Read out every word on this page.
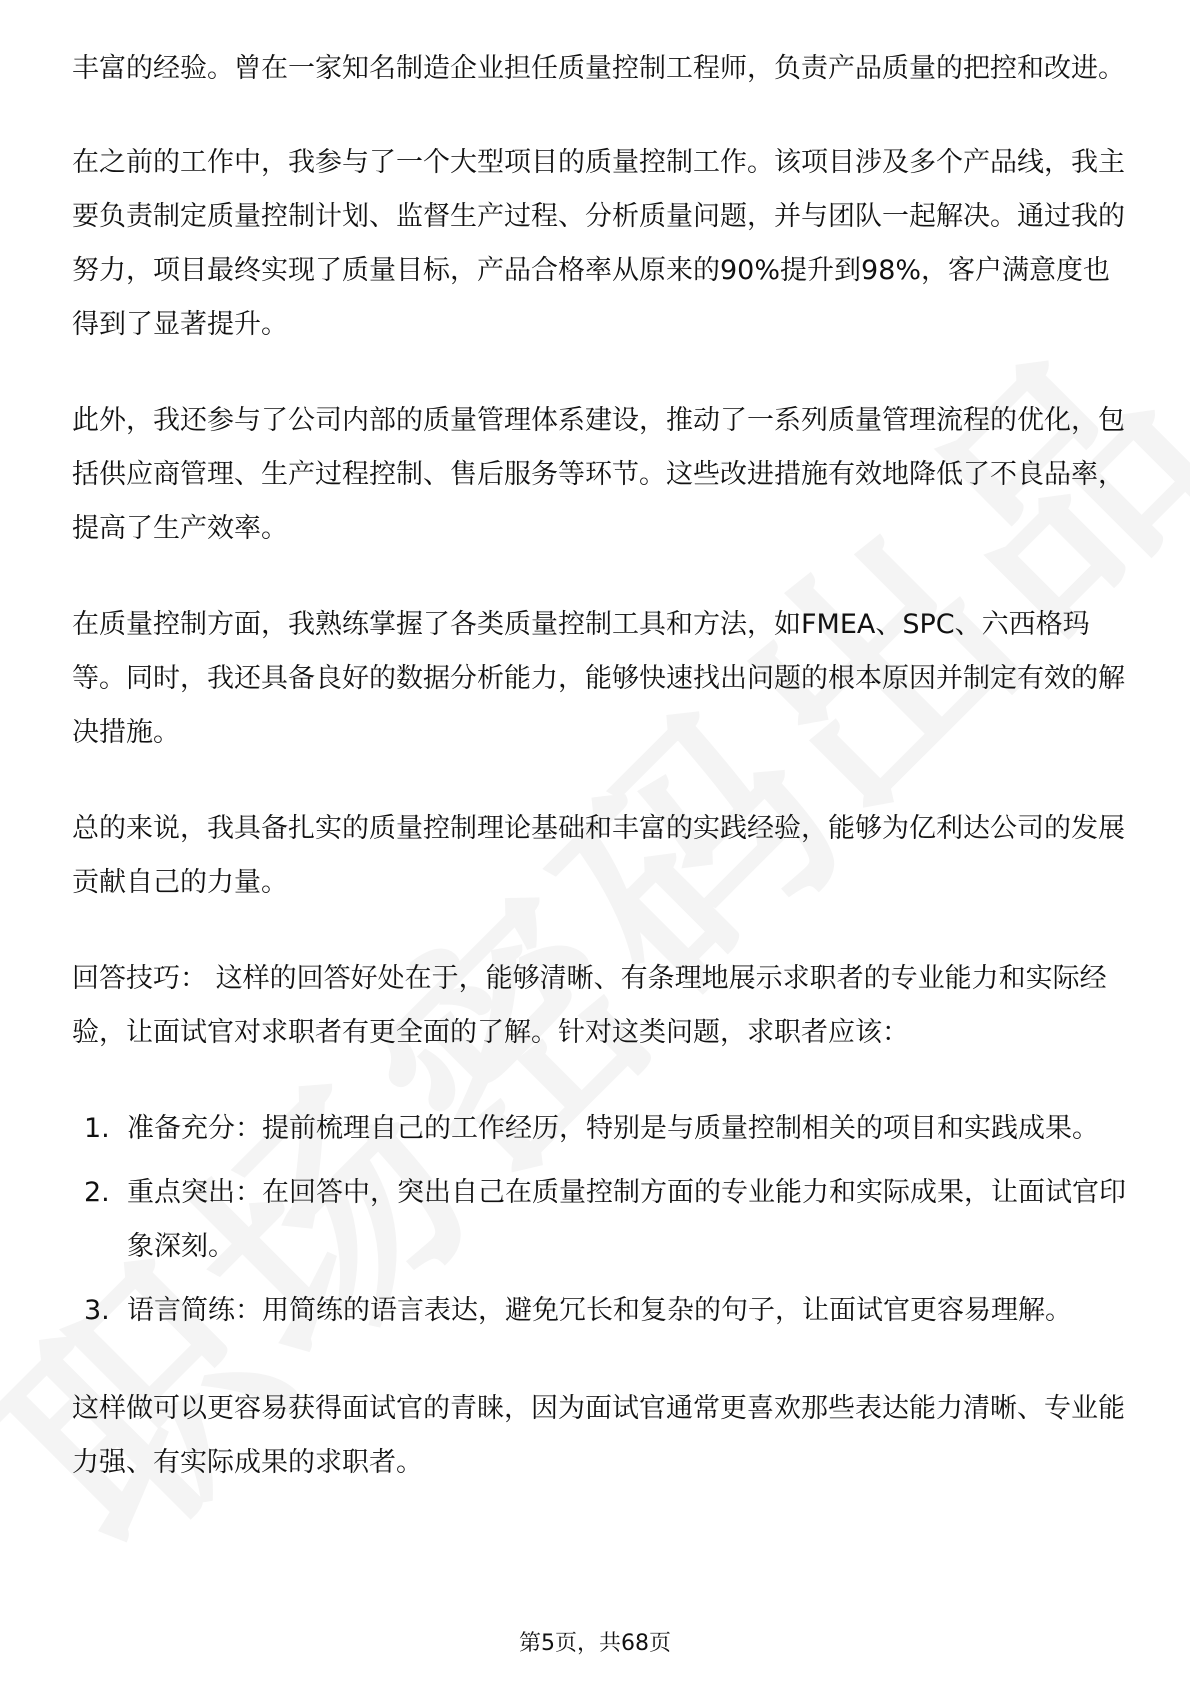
丰富的经验。曾在一家知名制造企业担任质量控制工程师，负责产品质量的把控和改进。

在之前的工作中，我参与了一个大型项目的质量控制工作。该项目涉及多个产品线，我主要负责制定质量控制计划、监督生产过程、分析质量问题，并与团队一起解决。通过我的努力，项目最终实现了质量目标，产品合格率从原来的90%提升到98%，客户满意度也得到了显著提升。

此外，我还参与了公司内部的质量管理体系建设，推动了一系列质量管理流程的优化，包括供应商管理、生产过程控制、售后服务等环节。这些改进措施有效地降低了不良品率，提高了生产效率。

在质量控制方面，我熟练掌握了各类质量控制工具和方法，如FMEA、SPC、六西格玛等。同时，我还具备良好的数据分析能力，能够快速找出问题的根本原因并制定有效的解决措施。

总的来说，我具备扎实的质量控制理论基础和丰富的实践经验，能够为亿利达公司的发展贡献自己的力量。

回答技巧： 这样的回答好处在于，能够清晰、有条理地展示求职者的专业能力和实际经验，让面试官对求职者有更全面的了解。针对这类问题，求职者应该：

1. 准备充分：提前梳理自己的工作经历，特别是与质量控制相关的项目和实践成果。
2. 重点突出：在回答中，突出自己在质量控制方面的专业能力和实际成果，让面试官印象深刻。
3. 语言简练：用简练的语言表达，避免冗长和复杂的句子，让面试官更容易理解。

这样做可以更容易获得面试官的青睐，因为面试官通常更喜欢那些表达能力清晰、专业能力强、有实际成果的求职者。

第5页，共68页
